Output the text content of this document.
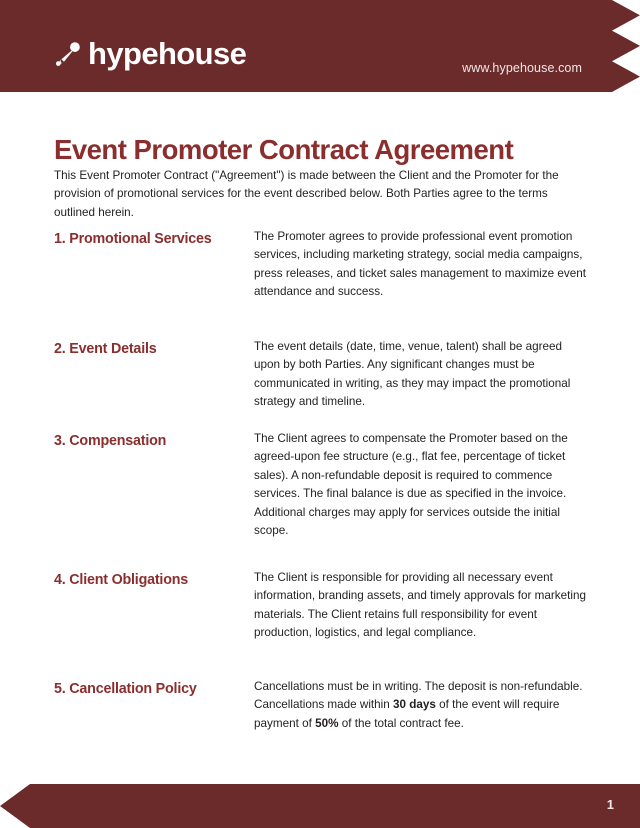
hypehouse	www.hypehouse.com
Event Promoter Contract Agreement

This Event Promoter Contract ("Agreement") is made between the Client and the Promoter for the provision of promotional services for the event described below. Both Parties agree to the terms outlined herein.

1. Promotional Services	The Promoter agrees to provide professional event promotion services, including marketing strategy, social media campaigns, press releases, and ticket sales management to maximize event attendance and success.
2. Event Details	The event details (date, time, venue, talent) shall be agreed upon by both Parties. Any significant changes must be communicated in writing, as they may impact the promotional strategy and timeline.
3. Compensation	The Client agrees to compensate the Promoter based on the agreed-upon fee structure (e.g., flat fee, percentage of ticket sales). A non-refundable deposit is required to commence services. The final balance is due as specified in the invoice. Additional charges may apply for services outside the initial scope.
4. Client Obligations	The Client is responsible for providing all necessary event information, branding assets, and timely approvals for marketing materials. The Client retains full responsibility for event production, logistics, and legal compliance.
5. Cancellation Policy	Cancellations must be in writing. The deposit is non-refundable. Cancellations made within 30 days of the event will require payment of 50% of the total contract fee.
1
